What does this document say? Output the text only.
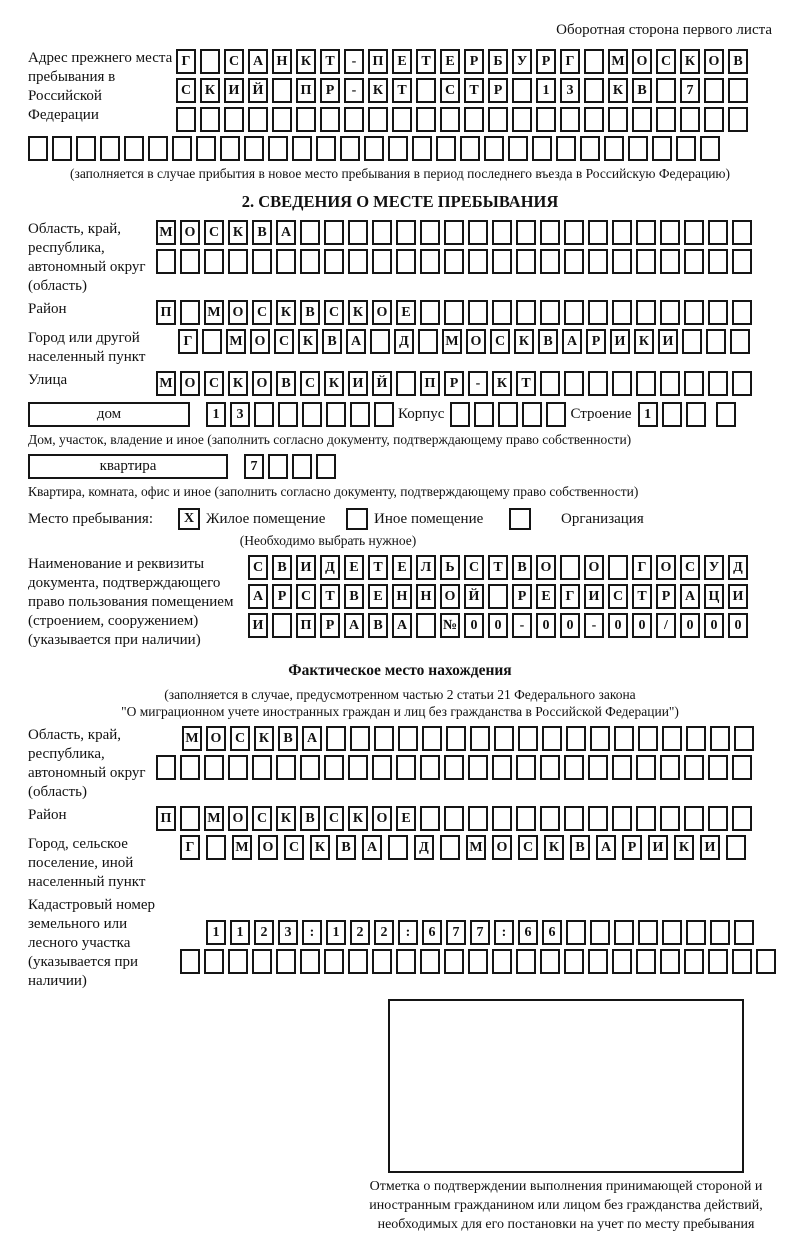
Оборотная сторона первого листа
Адрес прежнего места пребывания в Российской Федерации
Г	С А Н К	Т	-	П Е	Т	Е	Р	Б	У	Р	Г	М О С К О В
С К И Й	П	Р	-	К	Т	С	Т	Р	1	3	К	В	7
(заполняется в случае прибытия в новое место пребывания в период последнего въезда в Российскую Федерацию)
2. СВЕДЕНИЯ О МЕСТЕ ПРЕБЫВАНИЯ
Область, край, республика, автономный округ (область)
М О С К	В	А
Район	П	М О С К	В	С К О Е
Город или другой населенный пункт
Г	М О С К	В	А	Д	М О С К	В	А	Р	И К И
Улица	М О С К О В	С К И Й	П	Р	-	К	Т
дом	1	3	Корпус	Строение 1
Дом, участок, владение и иное (заполнить согласно документу, подтверждающему право собственности)
квартира	7
Квартира, комната, офис и иное (заполнить согласно документу, подтверждающему право собственности)
Место пребывания:	X Жилое помещение	Иное помещение	Организация
(Необходимо выбрать нужное)
Наименование и реквизиты документа, подтверждающего право пользования помещением (строением, сооружением) (указывается при наличии)
С	В И Д	Е	Т	Е	Л	Ь	С	Т	В О	О	Г	О С У	Д
А	Р	С	Т	В	Е Н Н О Й	Р	Е	Г	И С	Т	Р	А Ц И
И	П	Р	А	В	А	№ 0	0	-	0	0	-	0	0	/	0	0	0
Фактическое место нахождения
(заполняется в случае, предусмотренном частью 2 статьи 21 Федерального закона
"О миграционном учете иностранных граждан и лиц без гражданства в Российской Федерации")
Область, край, республика, автономный округ (область)
М О С К	В	А
Район	П	М О С К	В	С К О Е
Город, сельское поселение, иной населенный пункт
Г	М О	С	К	В	А	Д	М О	С	К	В	А	Р	И	К	И
Кадастровый номер земельного или лесного участка (указывается при наличии)
1	1	2	3	:	1	2	2	:	6	7	7	:	6	6
Отметка о подтверждении выполнения принимающей стороной и иностранным гражданином или лицом без гражданства действий, необходимых для его постановки на учет по месту пребывания
